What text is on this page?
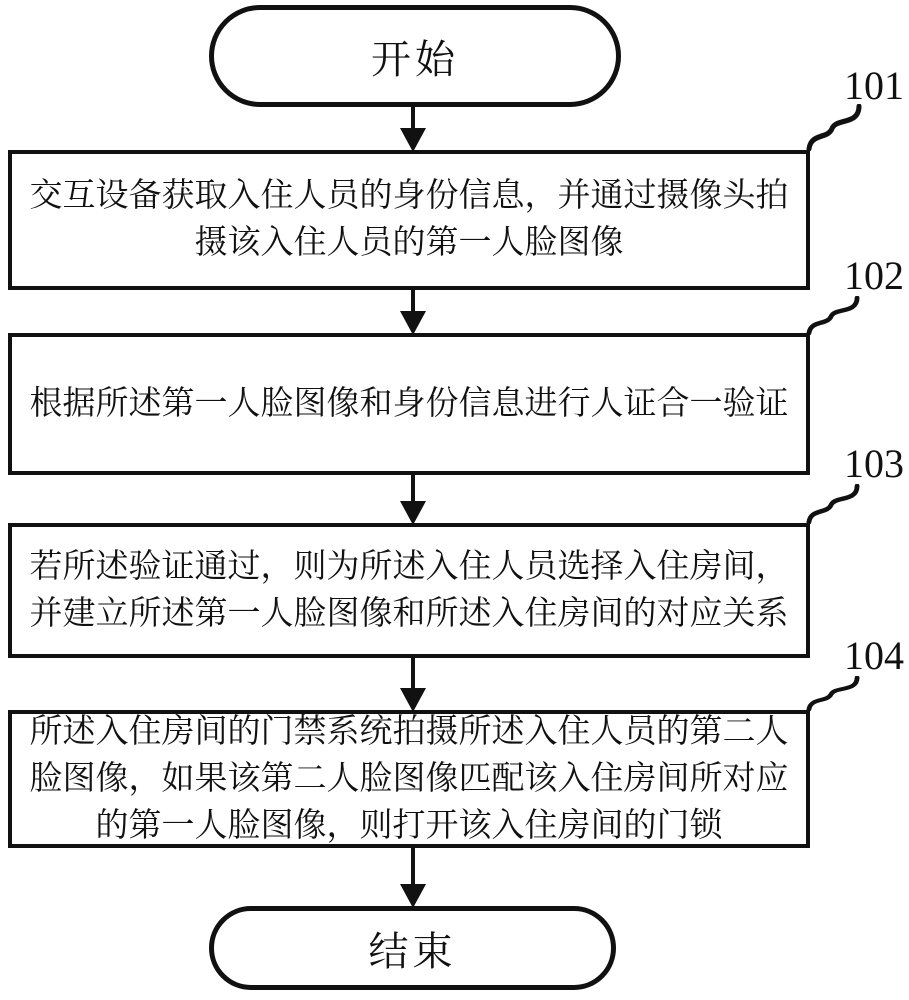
开始
交互设备获取入住人员的身份信息，并通过摄像头拍
摄该入住人员的第一人脸图像
101
根据所述第一人脸图像和身份信息进行人证合一验证
102
若所述验证通过，则为所述入住人员选择入住房间，
并建立所述第一人脸图像和所述入住房间的对应关系
103
所述入住房间的门禁系统拍摄所述入住人员的第二人
脸图像，如果该第二人脸图像匹配该入住房间所对应
的第一人脸图像，则打开该入住房间的门锁
104
结束
